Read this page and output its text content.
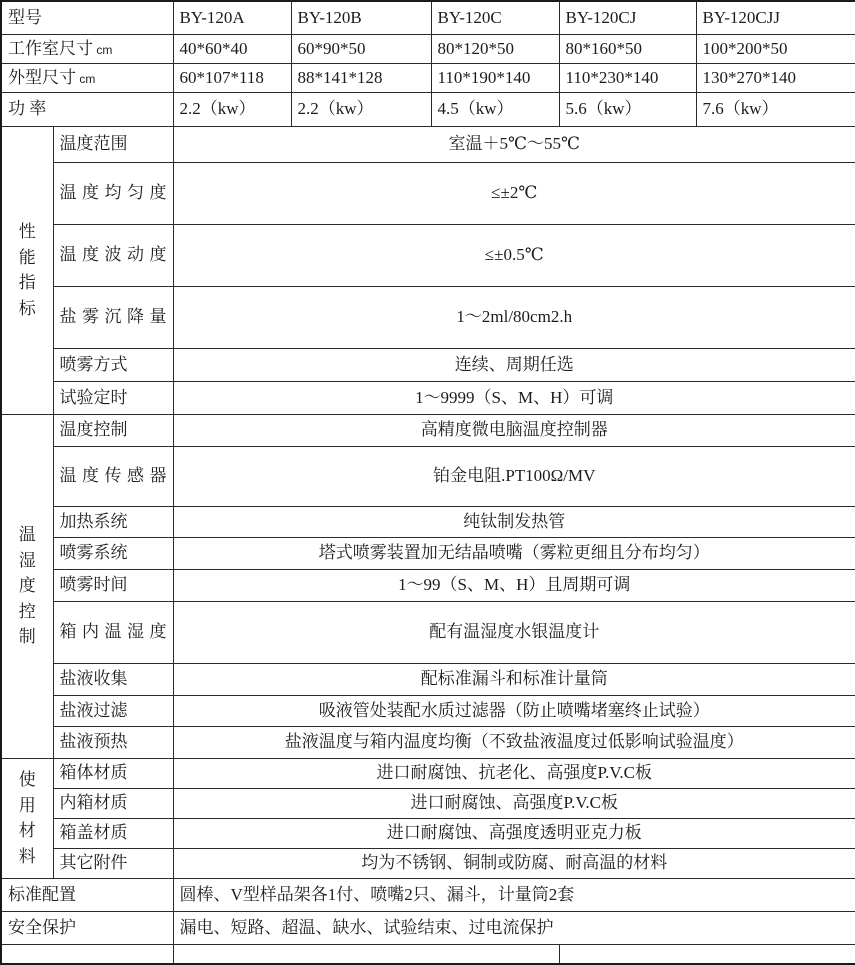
型号		BY-120A	BY-120B	BY-120C	BY-120CJ	BY-120CJJ
工作室尺寸 cm		40*60*40	60*90*50	80*120*50	80*160*50	100*200*50
外型尺寸 cm		60*107*118	88*141*128	110*190*140	110*230*140	130*270*140
功 率		2.2（kw）	2.2（kw）	4.5（kw）	5.6（kw）	7.6（kw）

性
能
指
标	温度范围	室温＋5℃～55℃				
	温度均匀度	≤±2℃				
	温度波动度	≤±0.5℃				
	盐雾沉降量	1～2ml/80cm2.h				
	喷雾方式	连续、周期任选				
	试验定时	1～9999（S、M、H）可调				

温
湿
度
控
制	温度控制	高精度微电脑温度控制器				
	温度传感器	铂金电阻.PT100Ω/MV				
	加热系统	纯钛制发热管				
	喷雾系统	塔式喷雾装置加无结晶喷嘴（雾粒更细且分布均匀）				
	喷雾时间	1～99（S、M、H）且周期可调				
	箱内温湿度	配有温湿度水银温度计				
	盐液收集	配标准漏斗和标准计量筒				
	盐液过滤	吸液管处装配水质过滤器（防止喷嘴堵塞终止试验）				
	盐液预热	盐液温度与箱内温度均衡（不致盐液温度过低影响试验温度）				

使
用
材
料	箱体材质	进口耐腐蚀、抗老化、高强度P.V.C板				
	内箱材质	进口耐腐蚀、高强度P.V.C板				
	箱盖材质	进口耐腐蚀、高强度透明亚克力板				
	其它附件	均为不锈钢、铜制或防腐、耐高温的材料				
标准配置		圆棒、V型样品架各1付、喷嘴2只、漏斗，计量筒2套				
安全保护		漏电、短路、超温、缺水、试验结束、过电流保护				
